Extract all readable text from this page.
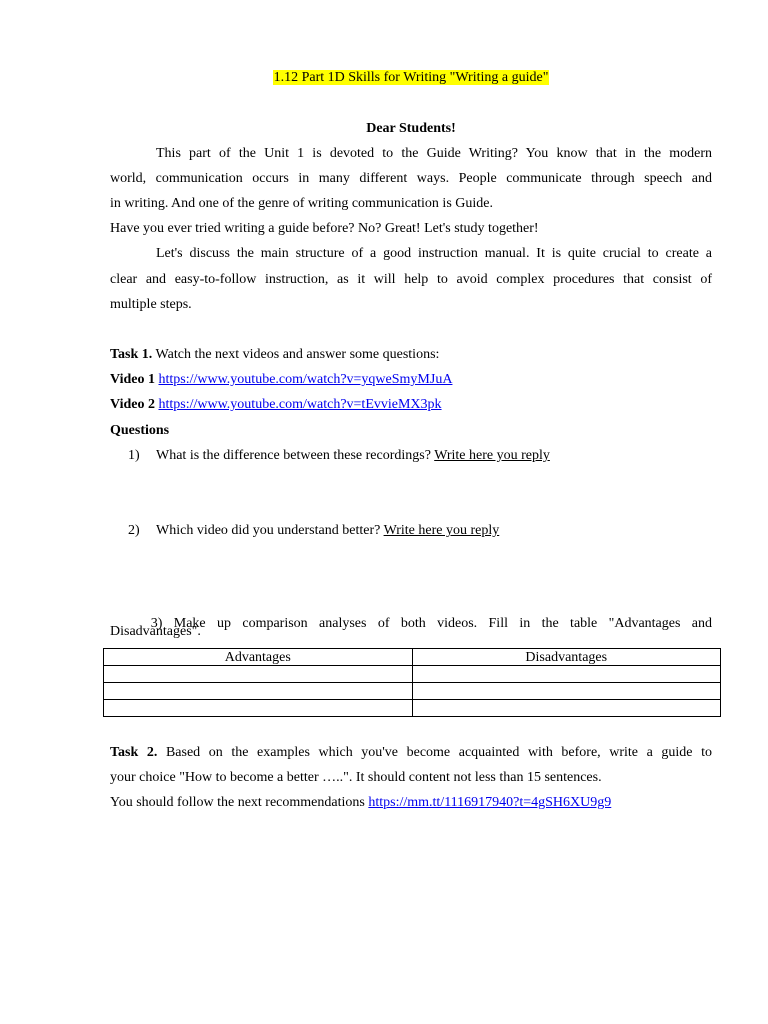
1.12 Part 1D Skills for Writing "Writing a guide"
Dear Students!
This part of the Unit 1 is devoted to the Guide Writing? You know that in the modern
world, communication occurs in many different ways. People communicate through speech and
in writing. And one of the genre of writing communication is Guide.
Have you ever tried writing a guide before? No? Great! Let's study together!
Let's discuss the main structure of a good instruction manual. It is quite crucial to create a
clear and easy-to-follow instruction, as it will help to avoid complex procedures that consist of
multiple steps.
Task 1. Watch the next videos and answer some questions:
Video 1 https://www.youtube.com/watch?v=yqweSmyMJuA
Video 2 https://www.youtube.com/watch?v=tEvvieMX3pk
Questions
1) What is the difference between these recordings? Write here you reply
2) Which video did you understand better? Write here you reply

3)  Make  up  comparison  analyses  of  both  videos.  Fill  in  the  table  "Advantages  and

Disadvantages".
Task 2. Based on the examples which you've become acquainted with before, write a guide to
your choice "How to become a better …..". It should content not less than 15 sentences.
You should follow the next recommendations https://mm.tt/1116917940?t=4gSH6XU9g9
Advantages	Disadvantages
